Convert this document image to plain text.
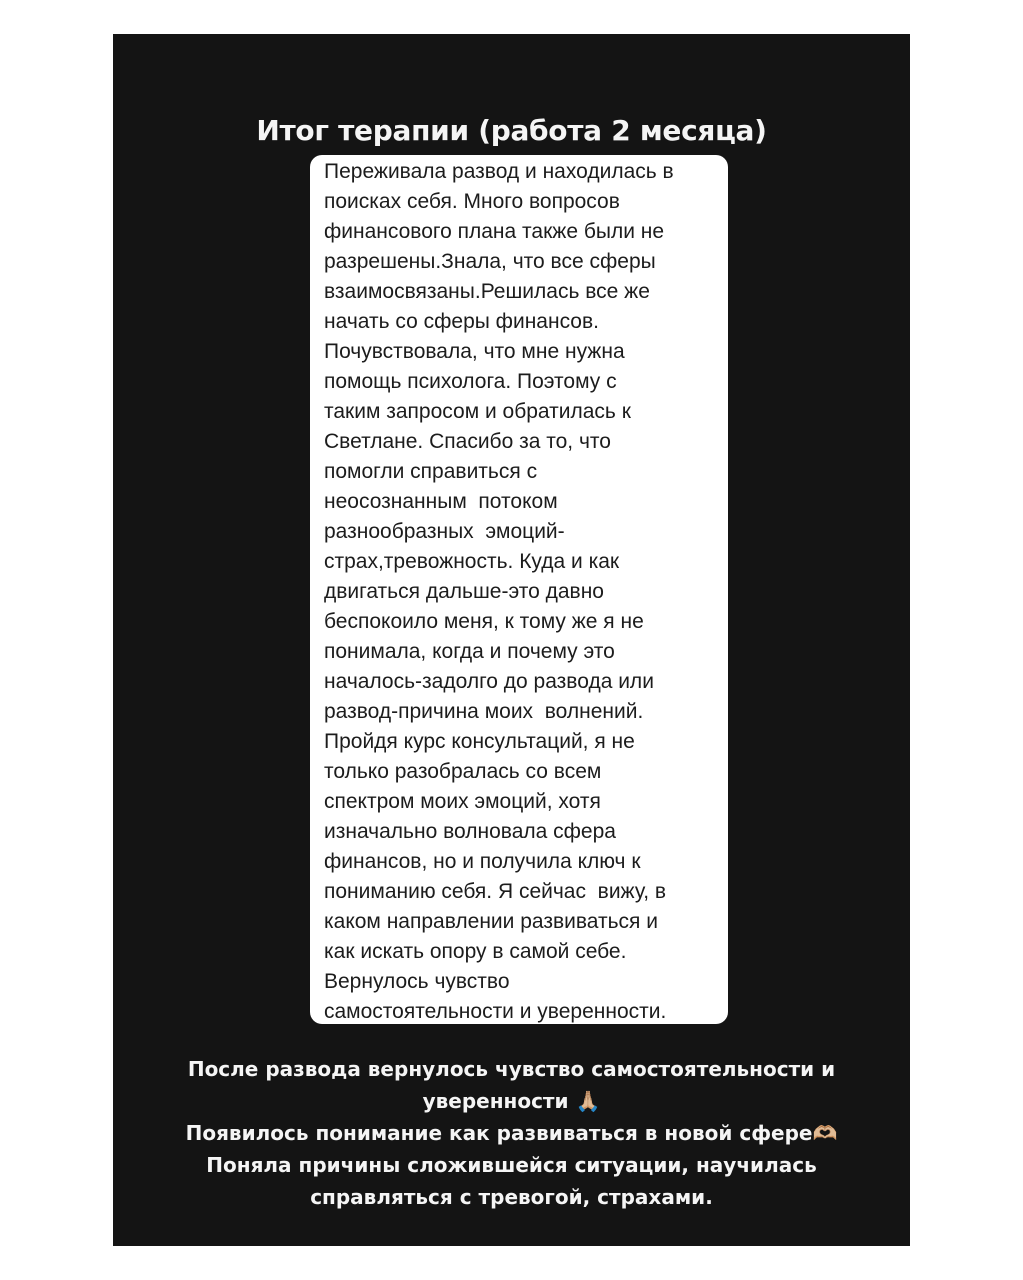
Итог терапии (работа 2 месяца)

Переживала развод и находилась в
поисках себя. Много вопросов
финансового плана также были не
разрешены.Знала, что все сферы
взаимосвязаны.Решилась все же
начать со сферы финансов.
Почувствовала, что мне нужна
помощь психолога. Поэтому с
таким запросом и обратилась к
Светлане. Спасибо за то, что
помогли справиться с
неосознанным  потоком
разнообразных  эмоций-
страх,тревожность. Куда и как
двигаться дальше-это давно
беспокоило меня, к тому же я не
понимала, когда и почему это
началось-задолго до развода или
развод-причина моих  волнений.
Пройдя курс консультаций, я не
только разобралась со всем
спектром моих эмоций, хотя
изначально волновала сфера
финансов, но и получила ключ к
пониманию себя. Я сейчас  вижу, в
каком направлении развиваться и
как искать опору в самой себе.
Вернулось чувство
самостоятельности и уверенности.

После развода вернулось чувство самостоятельности и
уверенности 🙏🏼
Появилось понимание как развиваться в новой сфере🫶🏼
Поняла причины сложившейся ситуации, научилась
справляться с тревогой, страхами.
